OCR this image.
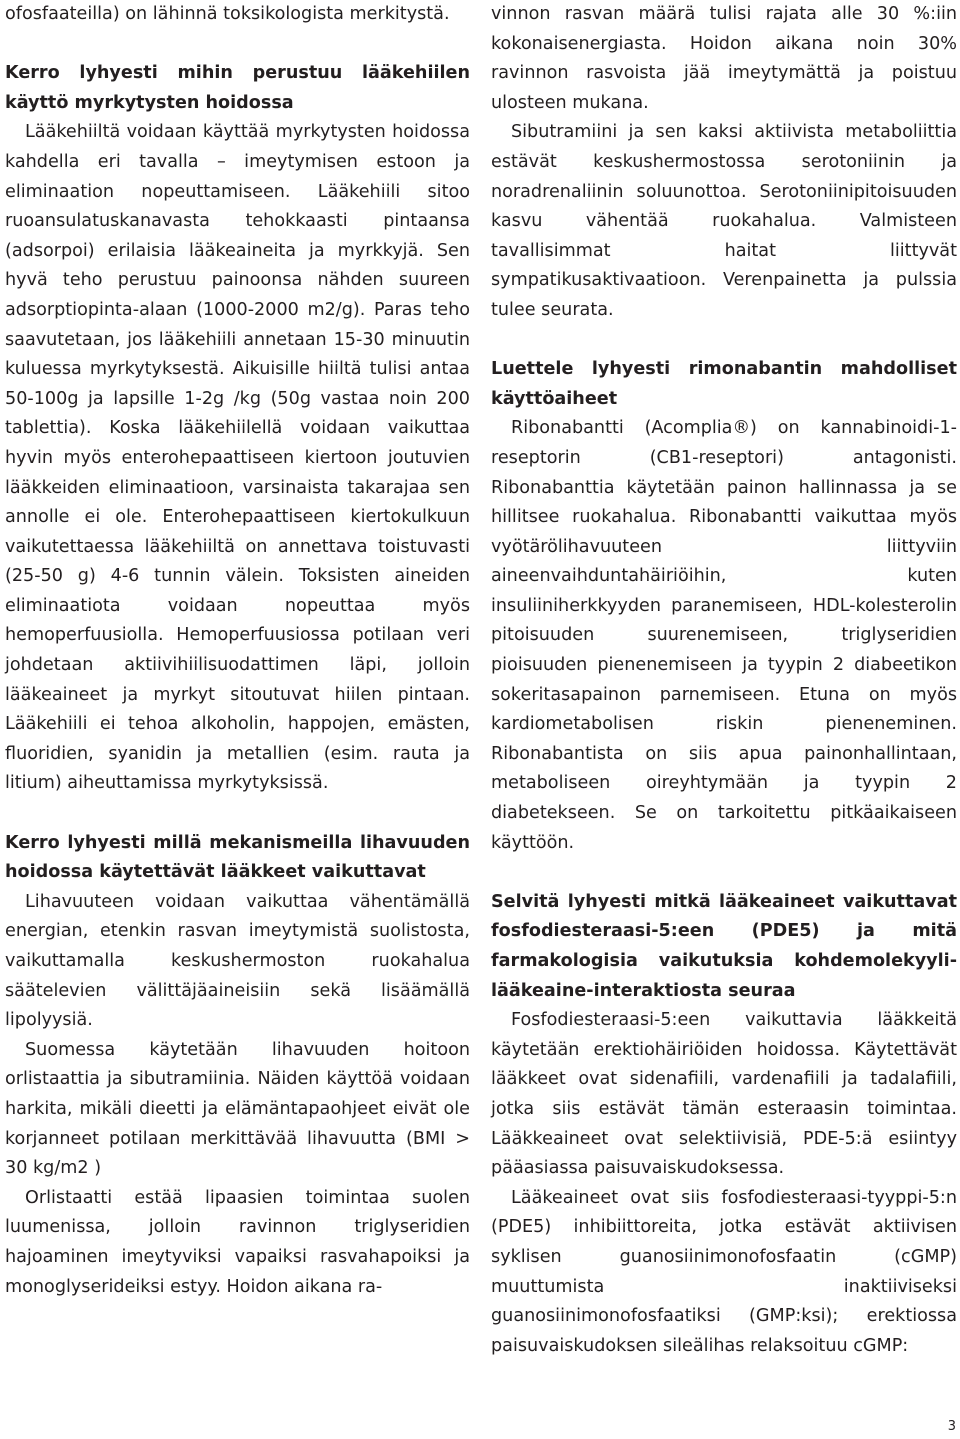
ofosfaateilla) on lähinnä toksikologista merkitystä.

Kerro lyhyesti mihin perustuu lääkehiilen käyttö myrkytysten hoidossa

Lääkehiiltä voidaan käyttää myrkytysten hoidossa kahdella eri tavalla – imeytymisen estoon ja eliminaation nopeuttamiseen. Lääkehiili sitoo ruoansulatuskanavasta tehokkaasti pintaansa (adsorpoi) erilaisia lääkeaineita ja myrkkyjä. Sen hyvä teho perustuu painoonsa nähden suureen adsorptiopinta-alaan (1000-2000 m2/g). Paras teho saavutetaan, jos lääkehiili annetaan 15-30 minuutin kuluessa myrkytyksestä. Aikuisille hiiltä tulisi antaa 50-100g ja lapsille 1-2g /kg (50g vastaa noin 200 tablettia). Koska lääkehiilellä voidaan vaikuttaa hyvin myös enterohepaattiseen kiertoon joutuvien lääkkeiden eliminaatioon, varsinaista takarajaa sen annolle ei ole. Enterohepaattiseen kiertokulkuun vaikutettaessa lääkehiiltä on annettava toistuvasti (25-50 g) 4-6 tunnin välein. Toksisten aineiden eliminaatiota voidaan nopeuttaa myös hemoperfuusiolla. Hemoperfuusiossa potilaan veri johdetaan aktiivihiilisuodattimen läpi, jolloin lääkeaineet ja myrkyt sitoutuvat hiilen pintaan. Lääkehiili ei tehoa alkoholin, happojen, emästen, fluoridien, syanidin ja metallien (esim. rauta ja litium) aiheuttamissa myrkytyksissä.

Kerro lyhyesti millä mekanismeilla lihavuuden hoidossa käytettävät lääkkeet vaikuttavat

Lihavuuteen voidaan vaikuttaa vähentämällä energian, etenkin rasvan imeytymistä suolistosta, vaikuttamalla keskushermoston ruokahalua säätelevien välittäjäaineisiin sekä lisäämällä lipolyysiä.

Suomessa käytetään lihavuuden hoitoon orlistaattia ja sibutramiinia. Näiden käyttöä voidaan harkita, mikäli dieetti ja elämäntapaohjeet eivät ole korjanneet potilaan merkittävää lihavuutta (BMI > 30 kg/m2 )

Orlistaatti estää lipaasien toimintaa suolen luumenissa, jolloin ravinnon triglyseridien hajoaminen imeytyviksi vapaiksi rasvahapoiksi ja monoglyserideiksi estyy. Hoidon aikana ra-

vinnon rasvan määrä tulisi rajata alle 30 %:iin kokonaisenergiasta. Hoidon aikana noin 30% ravinnon rasvoista jää imeytymättä ja poistuu ulosteen mukana.

Sibutramiini ja sen kaksi aktiivista metaboliittia estävät keskushermostossa serotoniinin ja noradrenaliinin soluunottoa. Serotoniinipitoisuuden kasvu vähentää ruokahalua. Valmisteen tavallisimmat haitat liittyvät sympatikusaktivaatioon. Verenpainetta ja pulssia tulee seurata.

Luettele lyhyesti rimonabantin mahdolliset käyttöaiheet

Ribonabantti (Acomplia®) on kannabinoidi-1-reseptorin (CB1-reseptori) antagonisti. Ribonabanttia käytetään painon hallinnassa ja se hillitsee ruokahalua. Ribonabantti vaikuttaa myös vyötärölihavuuteen liittyviin aineenvaihduntahäiriöihin, kuten insuliiniherkkyyden paranemiseen, HDL-kolesterolin pitoisuuden suurenemiseen, triglyseridien pioisuuden pienenemiseen ja tyypin 2 diabeetikon sokeritasapainon parnemiseen. Etuna on myös kardiometabolisen riskin pieneneminen. Ribonabantista on siis apua painonhallintaan, metaboliseen oireyhtymään ja tyypin 2 diabetekseen. Se on tarkoitettu pitkäaikaiseen käyttöön.

Selvitä lyhyesti mitkä lääkeaineet vaikuttavat fosfodiesteraasi-5:een (PDE5) ja mitä farmakologisia vaikutuksia kohdemolekyyli-lääkeaine-interaktiosta seuraa

Fosfodiesteraasi-5:een vaikuttavia lääkkeitä käytetään erektiohäiriöiden hoidossa. Käytettävät lääkkeet ovat sidenafiili, vardenafiili ja tadalafiili, jotka siis estävät tämän esteraasin toimintaa. Lääkkeaineet ovat selektiivisiä, PDE-5:ä esiintyy pääasiassa paisuvaiskudoksessa.

Lääkeaineet ovat siis fosfodiesteraasi-tyyppi-5:n (PDE5) inhibiittoreita, jotka estävät aktiivisen syklisen guanosiinimonofosfaatin (cGMP) muuttumista inaktiiviseksi guanosiinimonofosfaatiksi (GMP:ksi); erektiossa paisuvaiskudoksen sileälihas relaksoituu cGMP:

3
